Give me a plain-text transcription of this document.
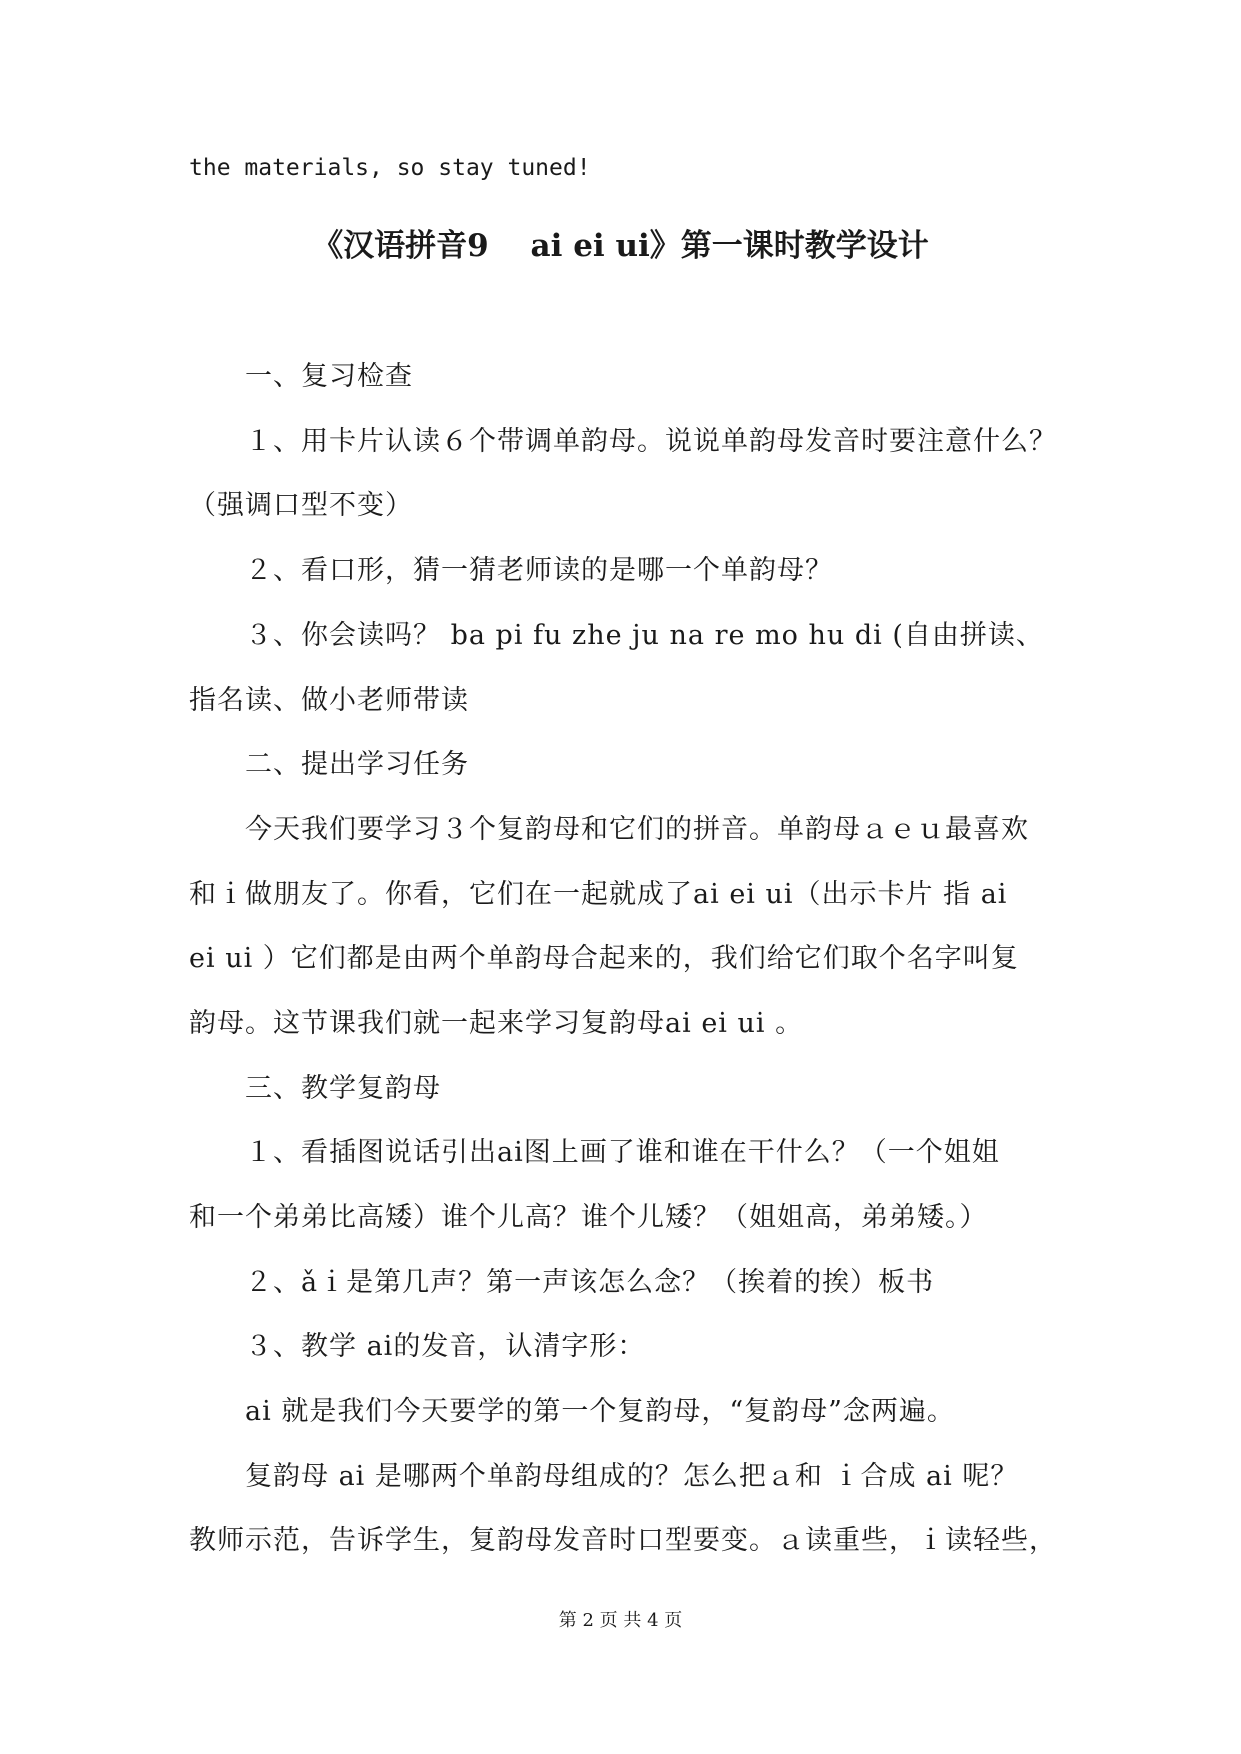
the materials, so stay tuned!
《汉语拼音9　 ai ei ui》第一课时教学设计
　　一、复习检查
　　１、用卡片认读６个带调单韵母。说说单韵母发音时要注意什么？
（强调口型不变）
　　２、看口形，猜一猜老师读的是哪一个单韵母？
　　３、你会读吗？ ba pi fu zhe ju na re mo hu di (自由拼读、
指名读、做小老师带读
　　二、提出学习任务
　　今天我们要学习３个复韵母和它们的拼音。单韵母ａｅｕ最喜欢
和ｉ做朋友了。你看，它们在一起就成了ai ei ui（出示卡片 指 ai
ei ui ）它们都是由两个单韵母合起来的，我们给它们取个名字叫复
韵母。这节课我们就一起来学习复韵母ai ei ui 。
　　三、教学复韵母
　　１、看插图说话引出ai图上画了谁和谁在干什么？（一个姐姐
和一个弟弟比高矮）谁个儿高？谁个儿矮？（姐姐高，弟弟矮。）
　　２、ǎｉ是第几声？第一声该怎么念？（挨着的挨）板书
　　３、教学 ai的发音，认清字形：
　　ai 就是我们今天要学的第一个复韵母，“复韵母”念两遍。
　　复韵母 ai 是哪两个单韵母组成的？怎么把ａ和 ｉ合成 ai 呢？
教师示范，告诉学生，复韵母发音时口型要变。ａ读重些，ｉ读轻些，
第 2 页 共 4 页
